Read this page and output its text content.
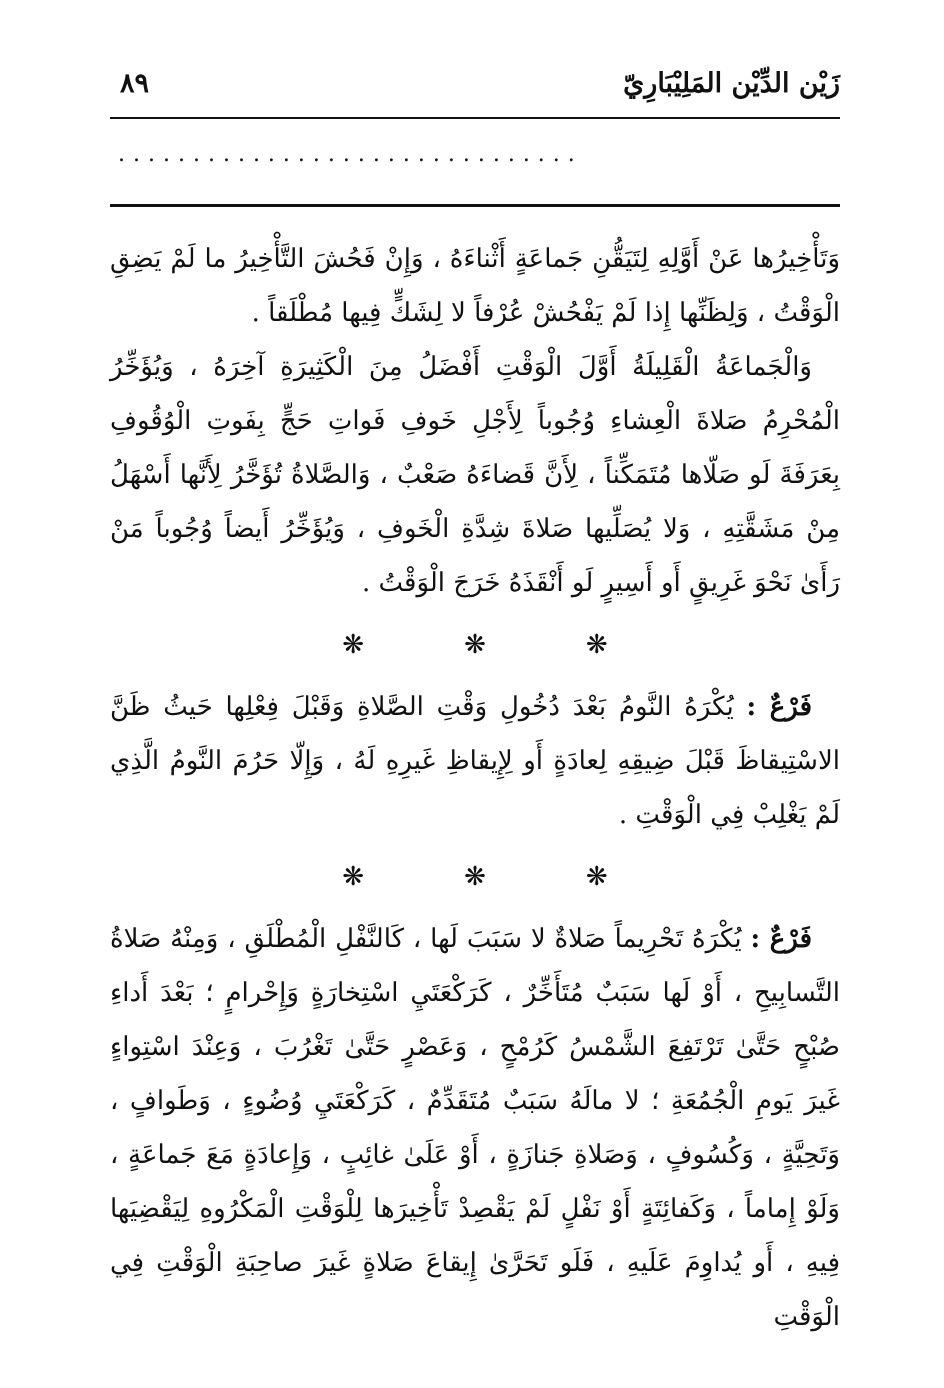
زَيْن الدِّيْن المَلِيْبَارِيّ
٨٩
...............................

وَتَأْخِيرُها عَنْ أَوَّلِهِ لِتَيَقُّنِ جَماعَةٍ أَثْناءَهُ ، وَإِنْ فَحُشَ التَّأْخِيرُ ما لَمْ يَضِقِ الْوَقْتُ ، وَلِظَنِّها إِذا لَمْ يَفْحُشْ عُرْفاً لا لِشَكٍّ فِيها مُطْلَقاً .

وَالْجَماعَةُ الْقَلِيلَةُ أَوَّلَ الْوَقْتِ أَفْضَلُ مِنَ الْكَثِيرَةِ آخِرَهُ ، وَيُؤَخِّرُ الْمُحْرِمُ صَلاةَ الْعِشاءِ وُجُوباً لِأَجْلِ خَوفِ فَواتِ حَجٍّ بِفَوتِ الْوُقُوفِ بِعَرَفَةَ لَو صَلّاها مُتَمَكِّناً ، لِأَنَّ قَضاءَهُ صَعْبٌ ، وَالصَّلاةُ تُؤَخَّرُ لِأَنَّها أَسْهَلُ مِنْ مَشَقَّتِهِ ، وَلا يُصَلِّيها صَلاةَ شِدَّةِ الْخَوفِ ، وَيُؤَخِّرُ أَيضاً وُجُوباً مَنْ رَأَىٰ نَحْوَ غَرِيقٍ أَو أَسِيرٍ لَو أَنْقَذَهُ خَرَجَ الْوَقْتُ .

❋	❋	❋

فَرْعٌ : يُكْرَهُ النَّومُ بَعْدَ دُخُولِ وَقْتِ الصَّلاةِ وَقَبْلَ فِعْلِها حَيثُ ظَنَّ الاسْتِيقاظَ قَبْلَ ضِيقِهِ لِعادَةٍ أَو لِإِيقاظِ غَيرِهِ لَهُ ، وَإِلّا حَرُمَ النَّومُ الَّذِي لَمْ يَغْلِبْ فِي الْوَقْتِ .

❋	❋	❋

فَرْعٌ : يُكْرَهُ تَحْرِيماً صَلاةٌ لا سَبَبَ لَها ، كَالنَّفْلِ الْمُطْلَقِ ، وَمِنْهُ صَلاةُ التَّسابِيحِ ، أَوْ لَها سَبَبٌ مُتَأَخِّرٌ ، كَرَكْعَتَيِ اسْتِخارَةٍ وَإِحْرامٍ ؛ بَعْدَ أَداءِ صُبْحٍ حَتَّىٰ تَرْتَفِعَ الشَّمْسُ كَرُمْحٍ ، وَعَصْرٍ حَتَّىٰ تَغْرُبَ ، وَعِنْدَ اسْتِواءٍ غَيرَ يَومِ الْجُمُعَةِ ؛ لا مالَهُ سَبَبٌ مُتَقَدِّمٌ ، كَرَكْعَتَيِ وُضُوءٍ ، وَطَوافٍ ، وَتَحِيَّةٍ ، وَكُسُوفٍ ، وَصَلاةِ جَنازَةٍ ، أَوْ عَلَىٰ غائِبٍ ، وَإِعادَةٍ مَعَ جَماعَةٍ ، وَلَوْ إِماماً ، وَكَفائِتَةٍ أَوْ نَفْلٍ لَمْ يَقْصِدْ تَأْخِيرَها لِلْوَقْتِ الْمَكْرُوهِ لِيَقْضِيَها فِيهِ ، أَو يُداوِمَ عَلَيهِ ، فَلَو تَحَرَّىٰ إِيقاعَ صَلاةٍ غَيرَ صاحِبَةِ الْوَقْتِ فِي الْوَقْتِ
